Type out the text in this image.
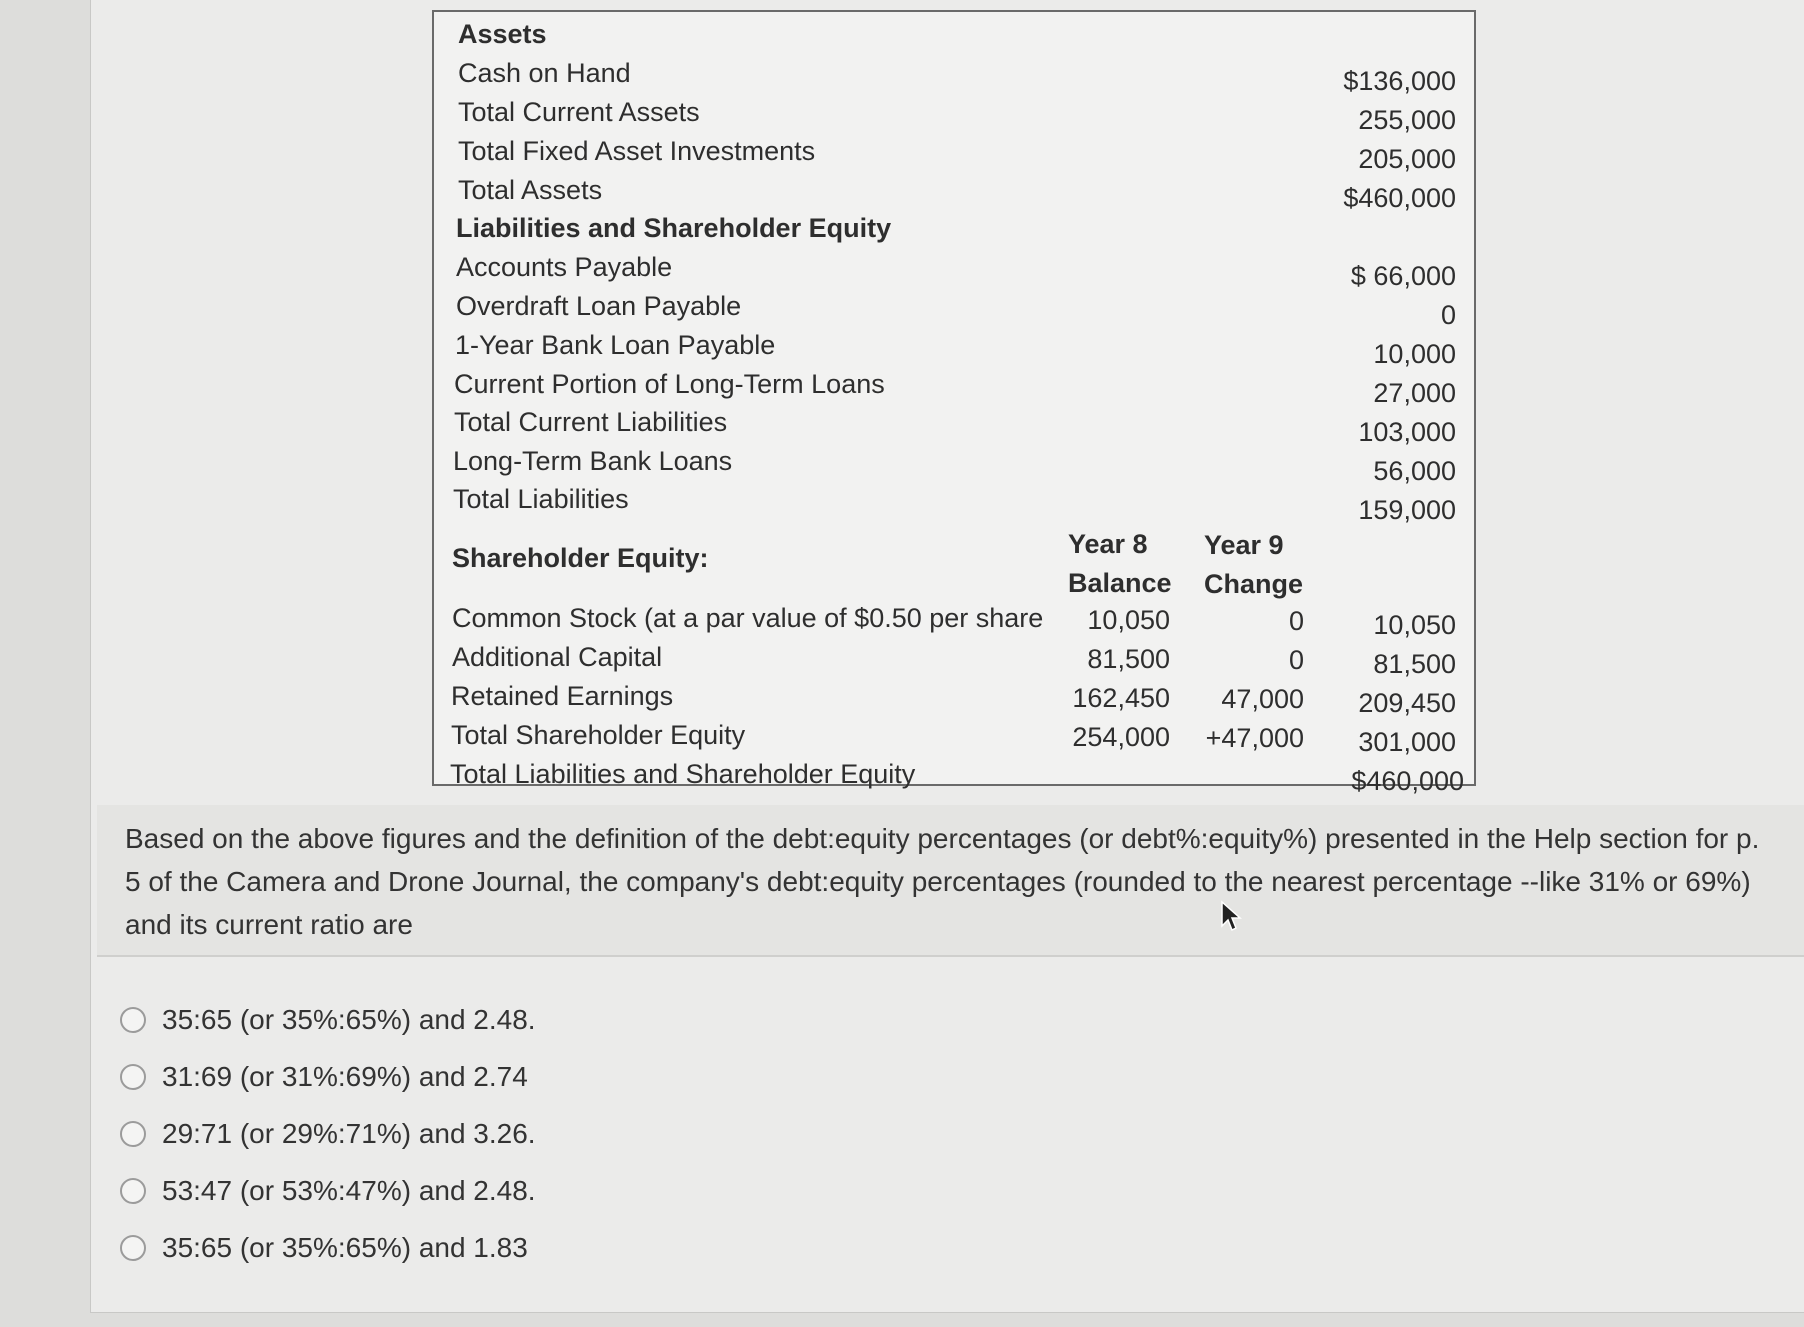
Assets
Cash on Hand
Total Current Assets
Total Fixed Asset Investments
Total Assets
$136,000
255,000
205,000
$460,000
Liabilities and Shareholder Equity
Accounts Payable
Overdraft Loan Payable
1-Year Bank Loan Payable
Current Portion of Long-Term Loans
Total Current Liabilities
Long-Term Bank Loans
Total Liabilities
$ 66,000
0
10,000
27,000
103,000
56,000
159,000
Shareholder Equity:	Year 8
Balance
Year 9
Change
Common Stock (at a par value of $0.50 per share
Additional Capital
Retained Earnings
Total Shareholder Equity
10,050
81,500
162,450
254,000
0
0
47,000
+47,000
10,050
81,500
209,450
301,000
Total Liabilities and Shareholder Equity	$460,000
Based on the above figures and the definition of the debt:equity percentages (or debt%:equity%) presented in the Help section for p. 5 of the Camera and Drone Journal, the company's debt:equity percentages (rounded to the nearest percentage --like 31% or 69%) and its current ratio are
35:65 (or 35%:65%) and 2.48.
31:69 (or 31%:69%) and 2.74
29:71 (or 29%:71%) and 3.26.
53:47 (or 53%:47%) and 2.48.
35:65 (or 35%:65%) and 1.83
